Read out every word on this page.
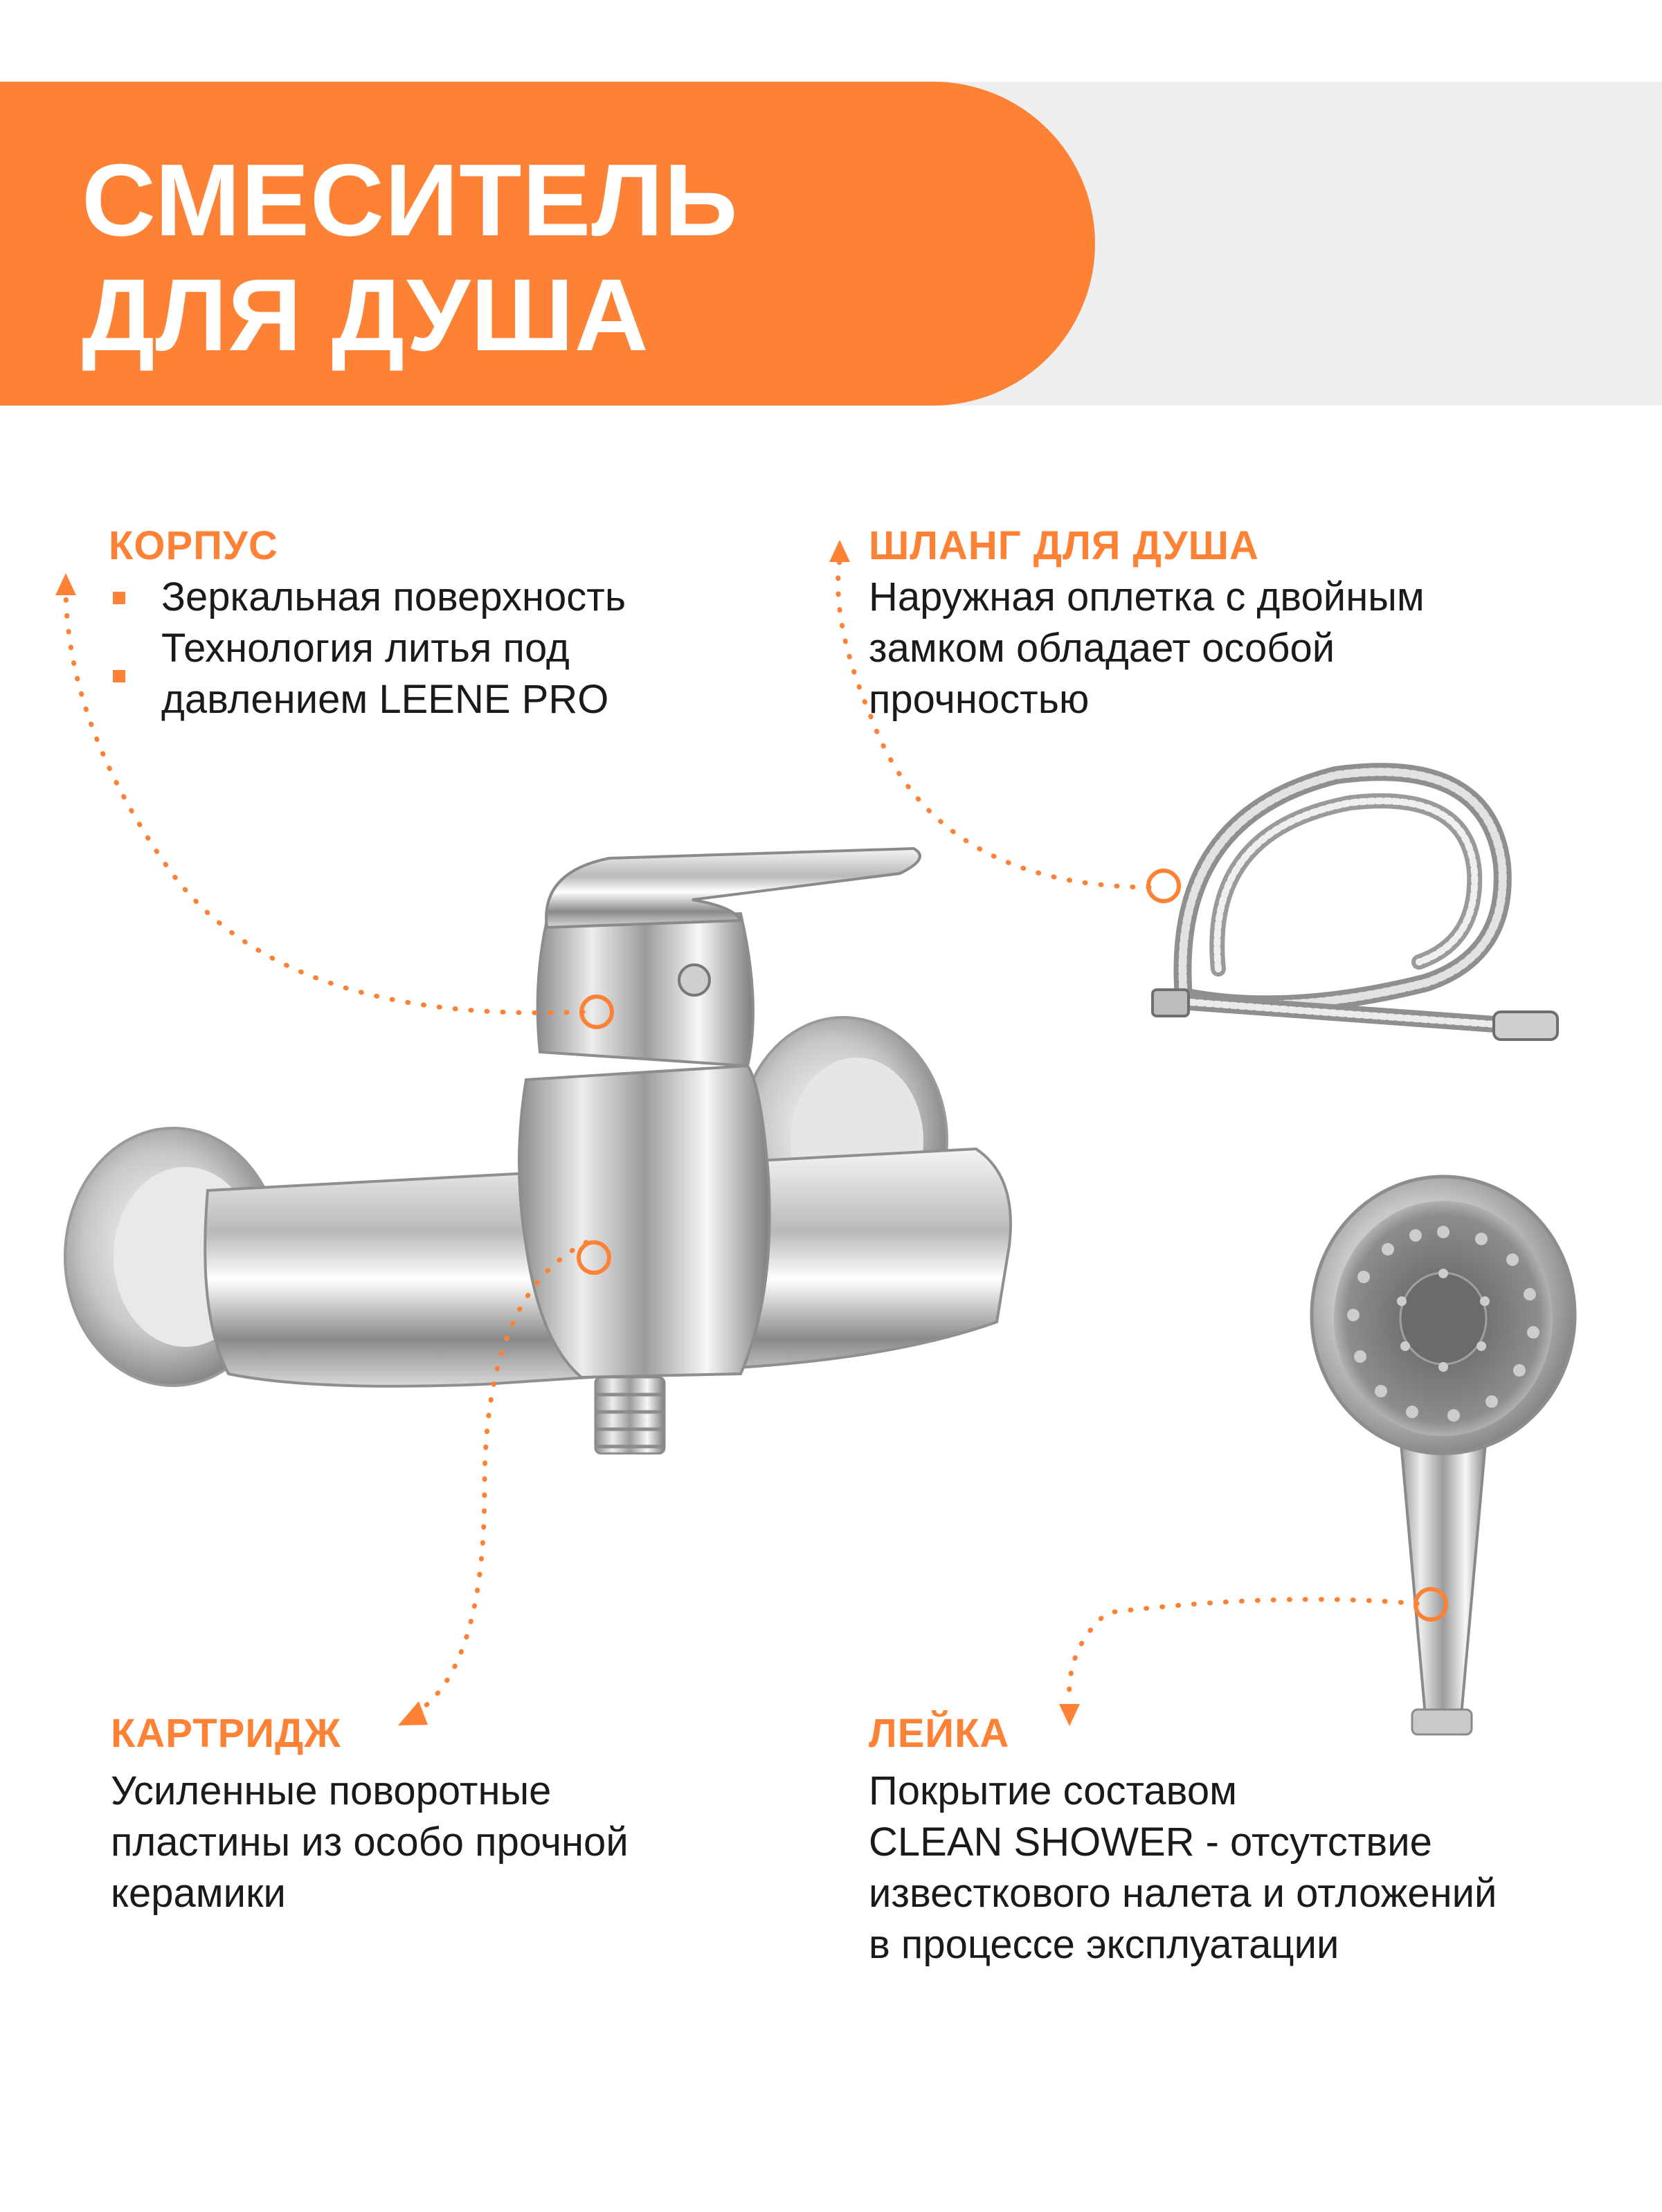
СМЕСИТЕЛЬ
ДЛЯ ДУША
КОРПУС
Зеркальная поверхность
Технология литья под
давлением LEENE PRO
ШЛАНГ ДЛЯ ДУША
Наружная оплетка с двойным
замком обладает особой
прочностью
КАРТРИДЖ
Усиленные поворотные
пластины из особо прочной
керамики
ЛЕЙКА
Покрытие составом
CLEAN SHOWER - отсутствие
известкового налета и отложений
в процессе эксплуатации
